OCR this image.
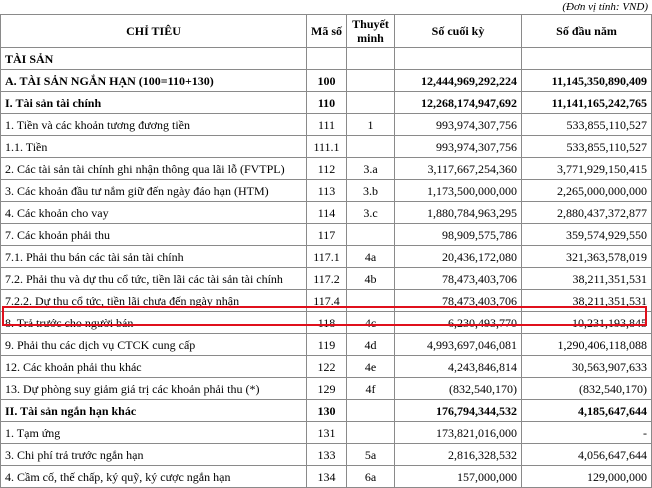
(Đơn vị tính: VND)
CHỈ TIÊU	Mã số	Thuyết minh	Số cuối kỳ	Số đầu năm
TÀI SẢN				
A. TÀI SẢN NGẮN HẠN (100=110+130)	100		12,444,969,292,224	11,145,350,890,409
I. Tài sản tài chính	110		12,268,174,947,692	11,141,165,242,765
1. Tiền và các khoản tương đương tiền	111	1	993,974,307,756	533,855,110,527
1.1. Tiền	111.1		993,974,307,756	533,855,110,527
2. Các tài sản tài chính ghi nhận thông qua lãi lỗ (FVTPL)	112	3.a	3,117,667,254,360	3,771,929,150,415
3. Các khoản đầu tư nắm giữ đến ngày đáo hạn (HTM)	113	3.b	1,173,500,000,000	2,265,000,000,000
4. Các khoản cho vay	114	3.c	1,880,784,963,295	2,880,437,372,877
7. Các khoản phải thu	117		98,909,575,786	359,574,929,550
7.1. Phải thu bán các tài sản tài chính	117.1	4a	20,436,172,080	321,363,578,019
7.2. Phải thu và dự thu cổ tức, tiền lãi các tài sản tài chính	117.2	4b	78,473,403,706	38,211,351,531
7.2.2. Dự thu cổ tức, tiền lãi chưa đến ngày nhận	117.4		78,473,403,706	38,211,351,531
8. Trả trước cho người bán	118	4c	6,230,493,770	10,231,193,845
9. Phải thu các dịch vụ CTCK cung cấp	119	4d	4,993,697,046,081	1,290,406,118,088
12. Các khoản phải thu khác	122	4e	4,243,846,814	30,563,907,633
13. Dự phòng suy giảm giá trị các khoản phải thu (*)	129	4f	(832,540,170)	(832,540,170)
II. Tài sản ngắn hạn khác	130		176,794,344,532	4,185,647,644
1. Tạm ứng	131		173,821,016,000	-
3. Chi phí trả trước ngắn hạn	133	5a	2,816,328,532	4,056,647,644
4. Cầm cố, thế chấp, ký quỹ, ký cược ngắn hạn	134	6a	157,000,000	129,000,000
